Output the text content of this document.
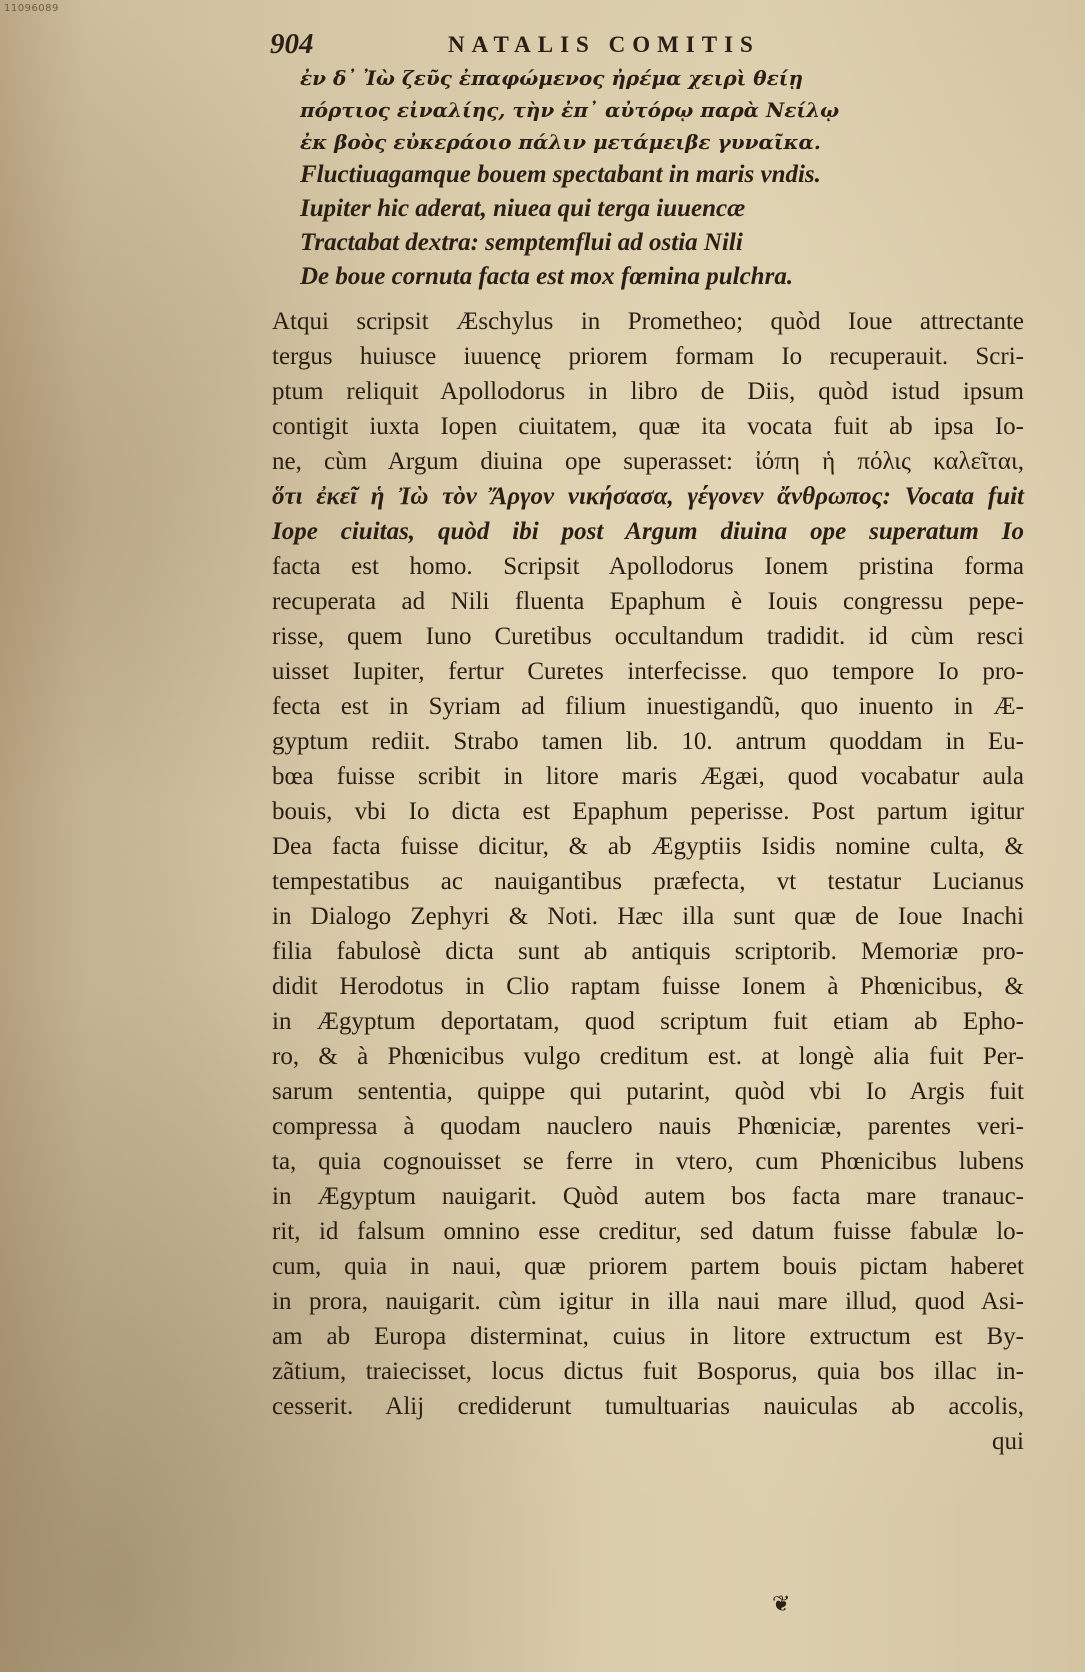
11096089
904	NATALIS COMITIS
ἐν δ᾽ Ἰὼ ζεῦς ἐπαφώμενος ἠρέμα χειρὶ θείῃ
πόρτιος εἰναλίης, τὴν ἐπ᾽ αὐτόρῳ παρὰ Νείλῳ
ἐκ βοὸς εὐκεράοιο πάλιν μετάμειβε γυναῖκα.
Fluctiuagamque bouem spectabant in maris vndis.
Iupiter hic aderat, niuea qui terga iuuencæ
Tractabat dextra: semptemflui ad ostia Nili
De boue cornuta facta est mox fœmina pulchra.
Atqui scripsit Æschylus in Prometheo; quòd Ioue attrectante
tergus huiusce iuuencę priorem formam Io recuperauit. Scri-
ptum reliquit Apollodorus in libro de Diis, quòd istud ipsum
contigit iuxta Iopen ciuitatem, quæ ita vocata fuit ab ipsa Io-
ne, cùm Argum diuina ope superasset: ἰόπη ἡ πόλις καλεῖται,
ὅτι ἐκεῖ ἡ Ἰὼ τὸν Ἄργον νικήσασα, γέγονεν ἄνθρωπος: Vocata fuit
Iope ciuitas, quòd ibi post Argum diuina ope superatum Io
facta est homo. Scripsit Apollodorus Ionem pristina forma
recuperata ad Nili fluenta Epaphum è Iouis congressu pepe-
risse, quem Iuno Curetibus occultandum tradidit. id cùm resci
uisset Iupiter, fertur Curetes interfecisse. quo tempore Io pro-
fecta est in Syriam ad filium inuestigandũ, quo inuento in Æ-
gyptum rediit. Strabo tamen lib. 10. antrum quoddam in Eu-
bœa fuisse scribit in litore maris Ægæi, quod vocabatur aula
bouis, vbi Io dicta est Epaphum peperisse. Post partum igitur
Dea facta fuisse dicitur, & ab Ægyptiis Isidis nomine culta, &
tempestatibus ac nauigantibus præfecta, vt testatur Lucianus
in Dialogo Zephyri & Noti. Hæc illa sunt quæ de Ioue Inachi
filia fabulosè dicta sunt ab antiquis scriptorib. Memoriæ pro-
didit Herodotus in Clio raptam fuisse Ionem à Phœnicibus, &
in Ægyptum deportatam, quod scriptum fuit etiam ab Epho-
ro, & à Phœnicibus vulgo creditum est. at longè alia fuit Per-
sarum sententia, quippe qui putarint, quòd vbi Io Argis fuit
compressa à quodam nauclero nauis Phœniciæ, parentes veri-
ta, quia cognouisset se ferre in vtero, cum Phœnicibus lubens
in Ægyptum nauigarit. Quòd autem bos facta mare tranauc-
rit, id falsum omnino esse creditur, sed datum fuisse fabulæ lo-
cum, quia in naui, quæ priorem partem bouis pictam haberet
in prora, nauigarit. cùm igitur in illa naui mare illud, quod Asi-
am ab Europa disterminat, cuius in litore extructum est By-
zãtium, traiecisset, locus dictus fuit Bosporus, quia bos illac in-
cesserit. Alij crediderunt tumultuarias nauiculas ab accolis,
qui
❦
